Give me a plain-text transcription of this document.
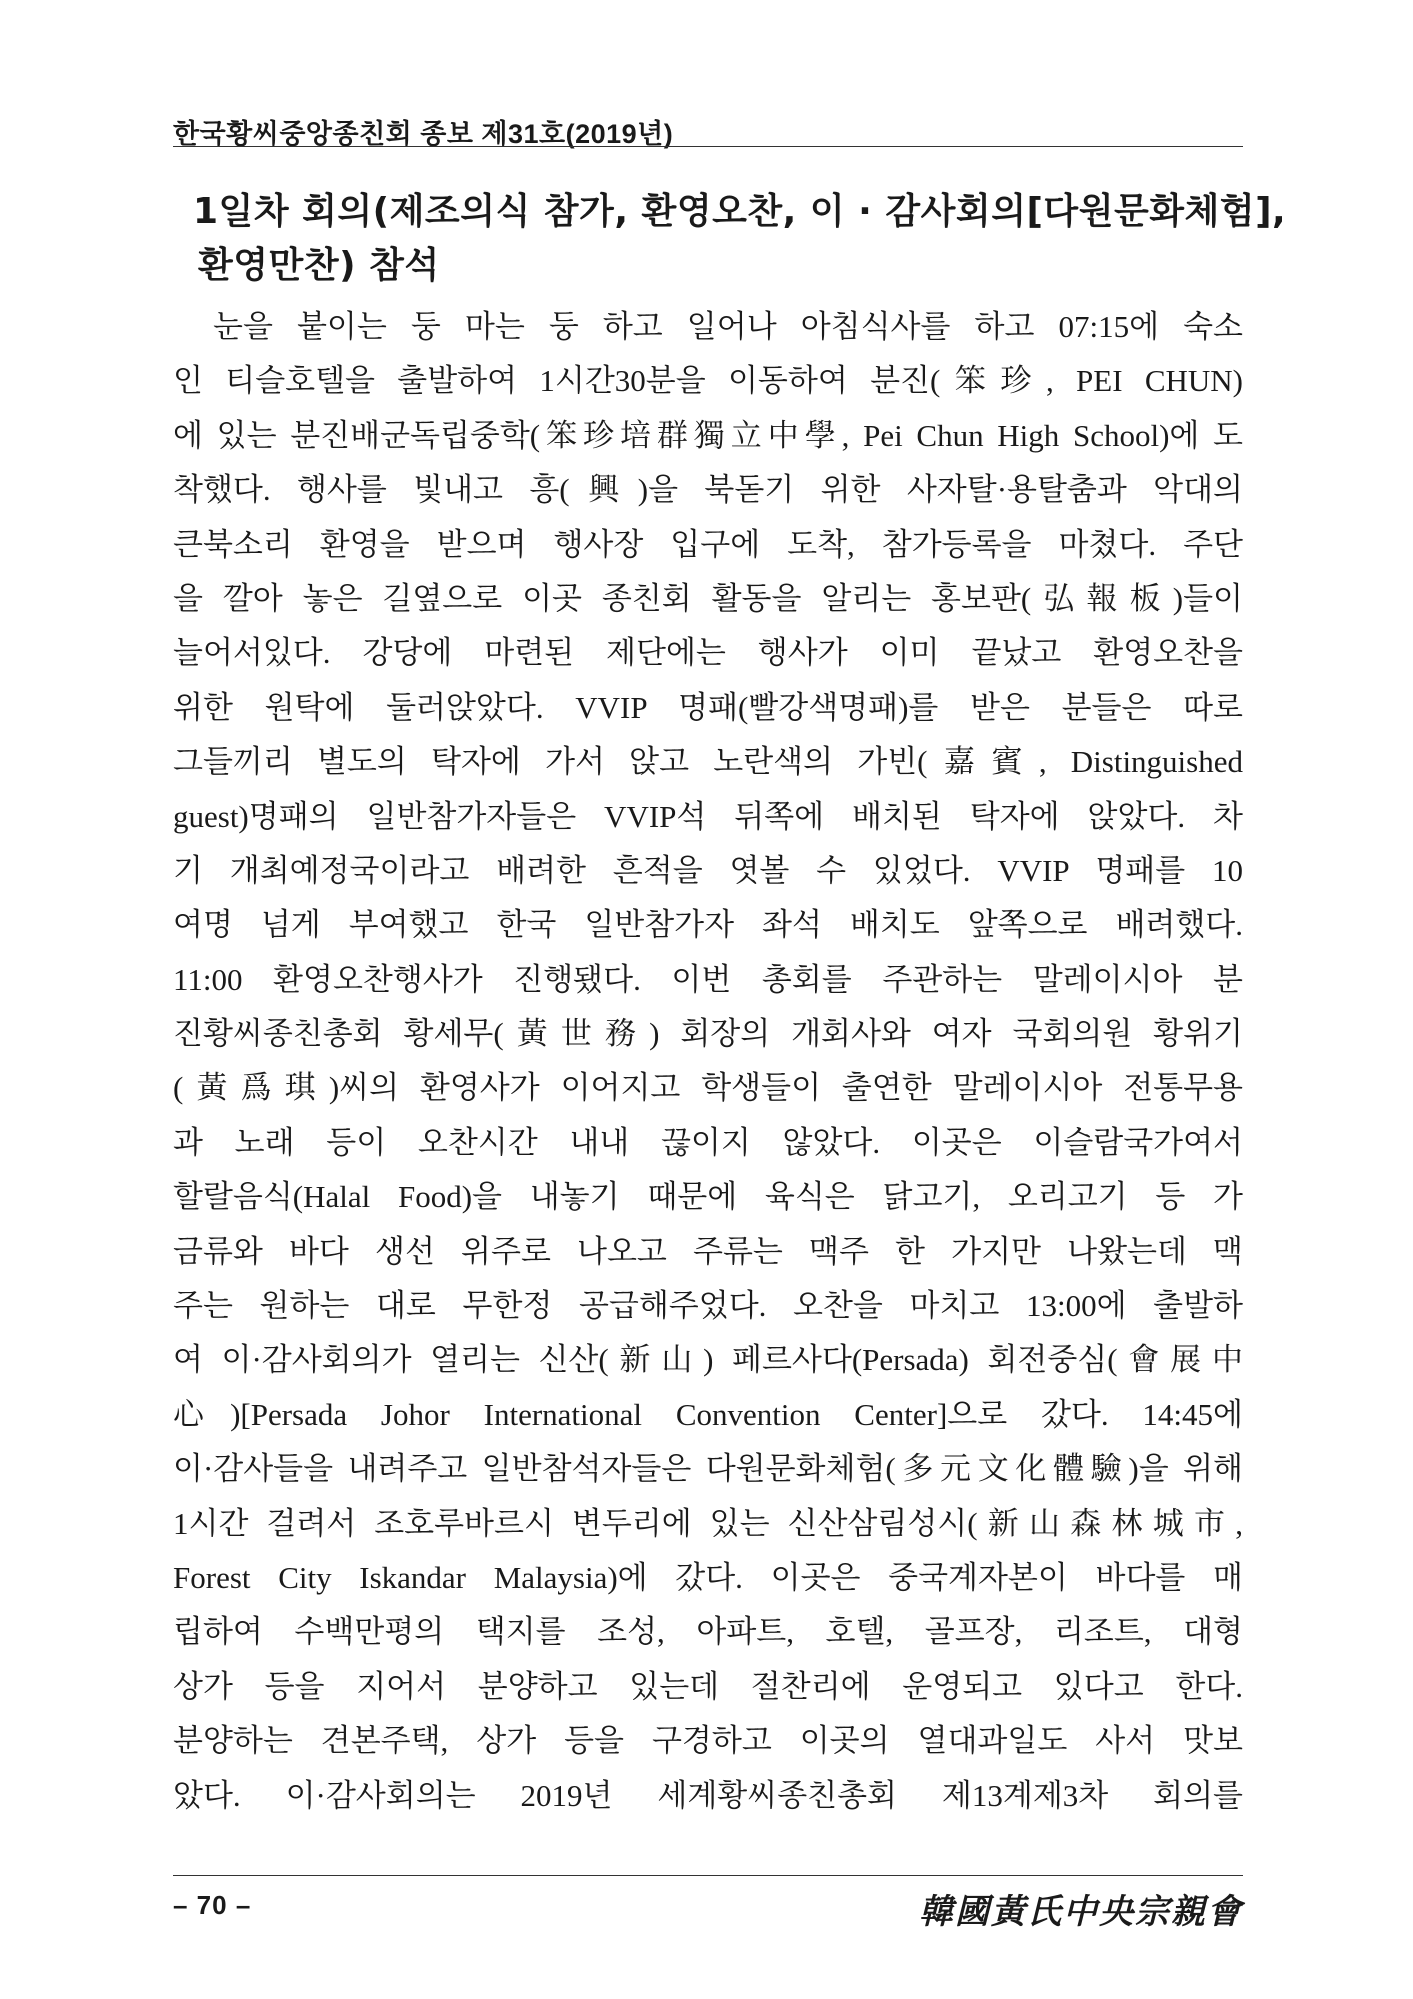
한국황씨중앙종친회 종보 제31호(2019년)
1일차 회의(제조의식 참가, 환영오찬, 이 · 감사회의[다원문화체험],
환영만찬) 참석
눈을 붙이는 둥 마는 둥 하고 일어나 아침식사를 하고 07:15에 숙소
인 티슬호텔을 출발하여 1시간30분을 이동하여 분진(笨珍, PEI CHUN)
에 있는 분진배군독립중학(笨珍培群獨立中學, Pei Chun High School)에 도
착했다. 행사를 빛내고 흥(興)을 북돋기 위한 사자탈·용탈춤과 악대의
큰북소리 환영을 받으며 행사장 입구에 도착, 참가등록을 마쳤다. 주단
을 깔아 놓은 길옆으로 이곳 종친회 활동을 알리는 홍보판(弘報板)들이
늘어서있다. 강당에 마련된 제단에는 행사가 이미 끝났고 환영오찬을
위한 원탁에 둘러앉았다. VVIP 명패(빨강색명패)를 받은 분들은 따로
그들끼리 별도의 탁자에 가서 앉고 노란색의 가빈(嘉賓, Distinguished
guest)명패의 일반참가자들은 VVIP석 뒤쪽에 배치된 탁자에 앉았다. 차
기 개최예정국이라고 배려한 흔적을 엿볼 수 있었다. VVIP 명패를 10
여명 넘게 부여했고 한국 일반참가자 좌석 배치도 앞쪽으로 배려했다.
11:00 환영오찬행사가 진행됐다. 이번 총회를 주관하는 말레이시아 분
진황씨종친총회 황세무(黃世務) 회장의 개회사와 여자 국회의원 황위기
(黃爲琪)씨의 환영사가 이어지고 학생들이 출연한 말레이시아 전통무용
과 노래 등이 오찬시간 내내 끊이지 않았다. 이곳은 이슬람국가여서
할랄음식(Halal Food)을 내놓기 때문에 육식은 닭고기, 오리고기 등 가
금류와 바다 생선 위주로 나오고 주류는 맥주 한 가지만 나왔는데 맥
주는 원하는 대로 무한정 공급해주었다. 오찬을 마치고 13:00에 출발하
여 이·감사회의가 열리는 신산(新山) 페르사다(Persada) 회전중심(會展中
心)[Persada Johor International Convention Center]으로 갔다. 14:45에
이·감사들을 내려주고 일반참석자들은 다원문화체험(多元文化體驗)을 위해
1시간 걸려서 조호루바르시 변두리에 있는 신산삼림성시(新山森林城市,
Forest City Iskandar Malaysia)에 갔다. 이곳은 중국계자본이 바다를 매
립하여 수백만평의 택지를 조성, 아파트, 호텔, 골프장, 리조트, 대형
상가 등을 지어서 분양하고 있는데 절찬리에 운영되고 있다고 한다.
분양하는 견본주택, 상가 등을 구경하고 이곳의 열대과일도 사서 맛보
았다. 이·감사회의는 2019년 세계황씨종친총회 제13계제3차 회의를
– 70 –	韓國黃氏中央宗親會
